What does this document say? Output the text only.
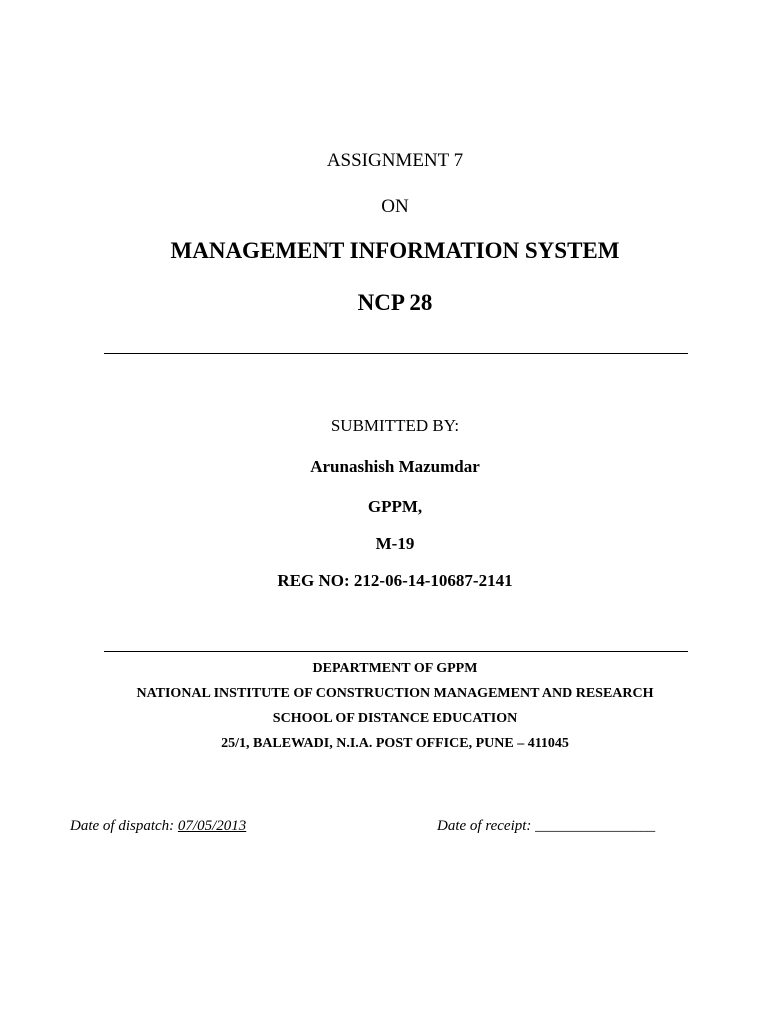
ASSIGNMENT 7
ON
MANAGEMENT INFORMATION SYSTEM
NCP 28
SUBMITTED BY:
Arunashish Mazumdar
GPPM,
M-19
REG NO: 212-06-14-10687-2141
DEPARTMENT OF GPPM
NATIONAL INSTITUTE OF CONSTRUCTION MANAGEMENT AND RESEARCH
SCHOOL OF DISTANCE EDUCATION
25/1, BALEWADI, N.I.A. POST OFFICE, PUNE – 411045
Date of dispatch: 07/05/2013	Date of receipt: ________________
